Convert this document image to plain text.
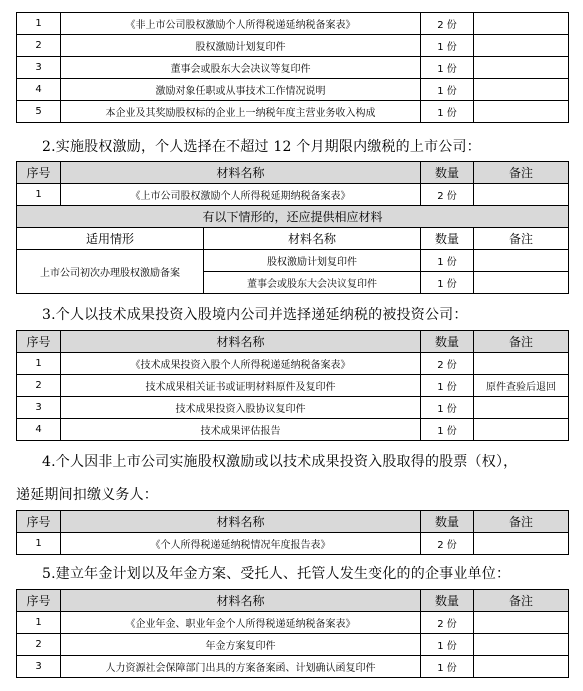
1	《非上市公司股权激励个人所得税递延纳税备案表》	2 份	
2	股权激励计划复印件	1 份	
3	董事会或股东大会决议等复印件	1 份	
4	激励对象任职或从事技术工作情况说明	1 份	
5	本企业及其奖励股权标的企业上一纳税年度主营业务收入构成	1 份	
2.实施股权激励，个人选择在不超过 12 个月期限内缴税的上市公司：
序号	材料名称		数量	备注
1	《上市公司股权激励个人所得税延期纳税备案表》		2 份	
有以下情形的，还应提供相应材料				
适用情形		材料名称	数量	备注
上市公司初次办理股权激励备案		股权激励计划复印件	1 份	
		董事会或股东大会决议复印件	1 份	
3.个人以技术成果投资入股境内公司并选择递延纳税的被投资公司：
序号	材料名称	数量	备注
1	《技术成果投资入股个人所得税递延纳税备案表》	2 份	
2	技术成果相关证书或证明材料原件及复印件	1 份	原件查验后退回
3	技术成果投资入股协议复印件	1 份	
4	技术成果评估报告	1 份	
4.个人因非上市公司实施股权激励或以技术成果投资入股取得的股票（权），
递延期间扣缴义务人：
序号	材料名称	数量	备注
1	《个人所得税递延纳税情况年度报告表》	2 份	
5.建立年金计划以及年金方案、受托人、托管人发生变化的的企事业单位：
序号	材料名称	数量	备注
1	《企业年金、职业年金个人所得税递延纳税备案表》	2 份	
2	年金方案复印件	1 份	
3	人力资源社会保障部门出具的方案备案函、计划确认函复印件	1 份	
